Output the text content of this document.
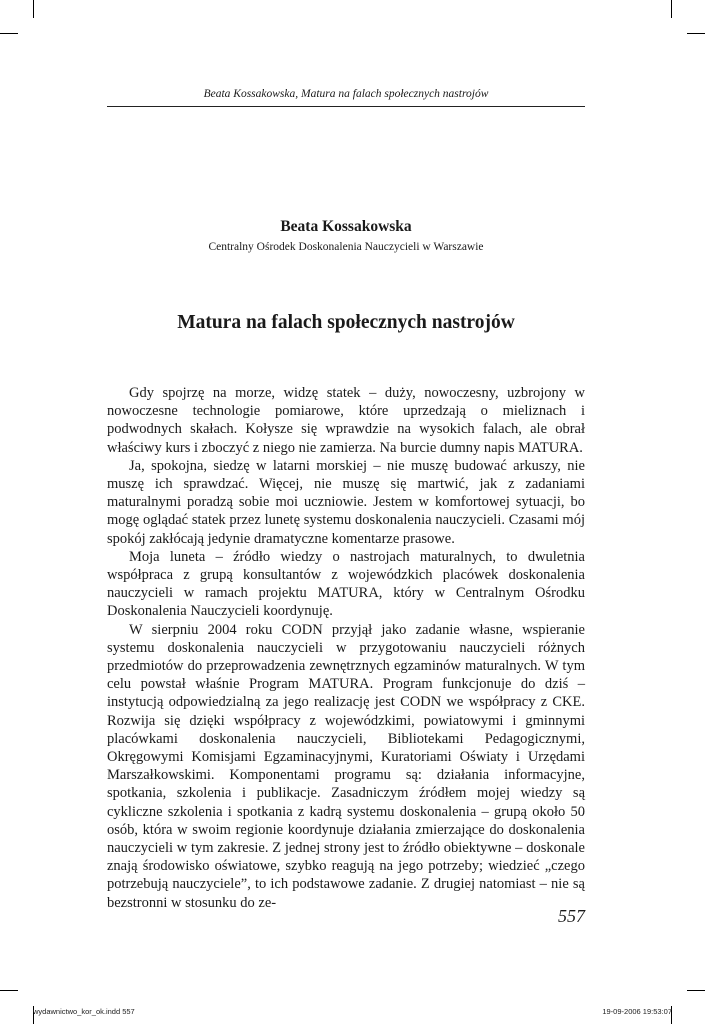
Beata Kossakowska, Matura na falach społecznych nastrojów
Beata Kossakowska
Centralny Ośrodek Doskonalenia Nauczycieli w Warszawie
Matura na falach społecznych nastrojów

Gdy spojrzę na morze, widzę statek – duży, nowoczesny, uzbrojony w nowoczesne technologie pomiarowe, które uprzedzają o mieliznach i podwodnych skałach. Kołysze się wprawdzie na wysokich falach, ale obrał właściwy kurs i zboczyć z niego nie zamierza. Na burcie dumny napis MATURA.

Ja, spokojna, siedzę w latarni morskiej – nie muszę budować arkuszy, nie muszę ich sprawdzać. Więcej, nie muszę się martwić, jak z zadaniami maturalnymi poradzą sobie moi uczniowie. Jestem w komfortowej sytuacji, bo mogę oglądać statek przez lunetę systemu doskonalenia nauczycieli. Czasami mój spokój zakłócają jedynie dramatyczne komentarze prasowe.

Moja luneta – źródło wiedzy o nastrojach maturalnych, to dwuletnia współpraca z grupą konsultantów z wojewódzkich placówek doskonalenia nauczycieli w ramach projektu MATURA, który w Centralnym Ośrodku Doskonalenia Nauczycieli koordynuję.

W sierpniu 2004 roku CODN przyjął jako zadanie własne, wspieranie systemu doskonalenia nauczycieli w przygotowaniu nauczycieli różnych przedmiotów do przeprowadzenia zewnętrznych egzaminów maturalnych. W tym celu powstał właśnie Program MATURA. Program funkcjonuje do dziś – instytucją odpowiedzialną za jego realizację jest CODN we współpracy z CKE. Rozwija się dzięki współpracy z wojewódzkimi, powiatowymi i gminnymi placówkami doskonalenia nauczycieli, Bibliotekami Pedagogicznymi, Okręgowymi Komisjami Egzaminacyjnymi, Kuratoriami Oświaty i Urzędami Marszałkowskimi. Komponentami programu są: działania informacyjne, spotkania, szkolenia i publikacje. Zasadniczym źródłem mojej wiedzy są cykliczne szkolenia i spotkania z kadrą systemu doskonalenia – grupą około 50 osób, która w swoim regionie koordynuje działania zmierzające do doskonalenia nauczycieli w tym zakresie. Z jednej strony jest to źródło obiektywne – doskonale znają środowisko oświatowe, szybko reagują na jego potrzeby; wiedzieć „czego potrzebują nauczyciele”, to ich podstawowe zadanie. Z drugiej natomiast – nie są bezstronni w stosunku do ze-

557
wydawnictwo_kor_ok.indd 557	19-09-2006 19:53:07
